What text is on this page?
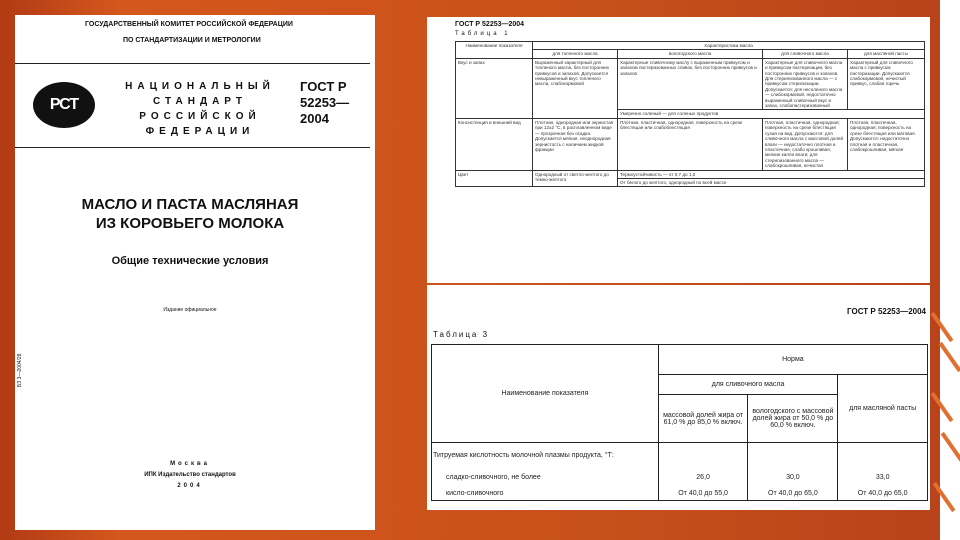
ГОСУДАРСТВЕННЫЙ КОМИТЕТ РОССИЙСКОЙ ФЕДЕРАЦИИ
ПО СТАНДАРТИЗАЦИИ И МЕТРОЛОГИИ
РСТ
НАЦИОНАЛЬНЫЙ
СТАНДАРТ
РОССИЙСКОЙ
ФЕДЕРАЦИИ
ГОСТ Р
52253—
2004
МАСЛО И ПАСТА МАСЛЯНАЯ
ИЗ КОРОВЬЕГО МОЛОКА
Общие технические условия
Издание официальное
БЗ 3—2004/28
Москва
ИПК Издательство стандартов
2004
ГОСТ Р 52253—2004
Таблица 1
Наименование показателя	Характеристика масла			
	для топленого масла	вологодского масла	для сливочного масла	для масляной пасты
Вкус и запах	Выраженный характерный для топленого масла, без посторонних привкусов и запахов. Допускается невыраженный вкус топленого масла, слабокормовой	Характерные сливочному маслу с выраженным привкусом и запахом пастеризованных сливок, без посторонних привкусов и запахов	Характерные для сливочного масла и привкусом пастеризации, без посторонних привкусов и запахов. Для стерилизованного масла — с привкусом стерилизации. Допускается: для несоленого масла — слабокормовой, недостаточно выраженный сливочный вкус и запах, слабопастеризованный	Характерный для сливочного масла с привкусом пастеризации. Допускаются слабокормовой, нечистый привкус, слабая горечь
		Умеренно соленый — для соленых продуктов		
Консистенция и внешний вид	Плотная, однородная или зернистая при 12±2 °С, в расплавленном виде — прозрачная без осадка. Допускается мягкая, неоднородная зернистость с наличием жидкой фракции	Плотная, пластичная, однородная, поверхность на срезе блестящая или слабоблестящая	Плотная, пластичная, однородная; поверхность на срезе блестящая сухая на вид. Допускаются: для сливочного масла с массовой долей влаги — недостаточно плотная и пластичная, слабо крошливая, мелкие капли влаги; для стерилизованного масла — слабокрошливая, нечистая	Плотная, пластичная, однородная; поверхность на срезе блестящая или матовая. Допускаются: недостаточно плотная и пластичная, слабокрошливая, мягкая
Цвет	Однородный от светло-желтого до темно-желтого	Термоустойчивость — от 0,7 до 1,0		
		От белого до желтого, однородный по всей массе		
ГОСТ Р 52253—2004
Таблица 3
Наименование показателя	Норма		
	для сливочного масла		для масляной пасты
	массовой долей жира от 61,0 % до 85,0 % включ.	вологодского с массовой долей жира от 50,0 % до 60,0 % включ.	
Титруемая кислотность молочной плазмы продукта, °Т:			
сладко-сливочного, не более	26,0	30,0	33,0
кисло-сливочного	От 40,0 до 55,0	От 40,0 до 65,0	От 40,0 до 65,0
